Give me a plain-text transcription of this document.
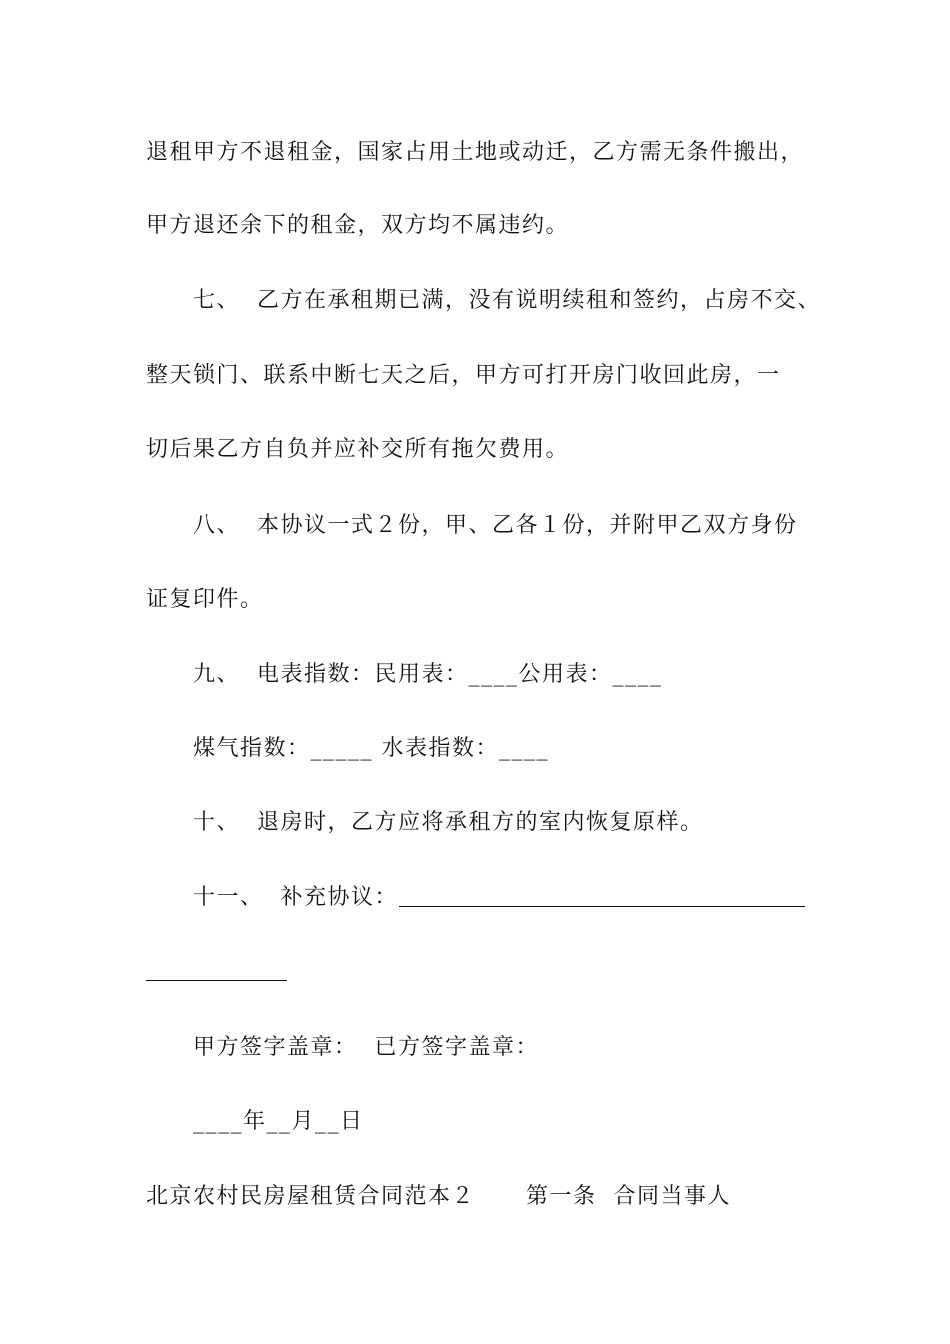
退租甲方不退租金，国家占用土地或动迁，乙方需无条件搬出，
甲方退还余下的租金，双方均不属违约。
七、  乙方在承租期已满，没有说明续租和签约，占房不交、
整天锁门、联系中断七天之后，甲方可打开房门收回此房，一
切后果乙方自负并应补交所有拖欠费用。
八、  本协议一式２份，甲、乙各１份，并附甲乙双方身份
证复印件。
九、  电表指数：民用表：____公用表：____
煤气指数：_____ 水表指数：____
十、  退房时，乙方应将承租方的室内恢复原样。
十一、  补充协议：
甲方签字盖章：  已方签字盖章：
____年__月__日
北京农村民房屋租赁合同范本２      第一条  合同当事人
